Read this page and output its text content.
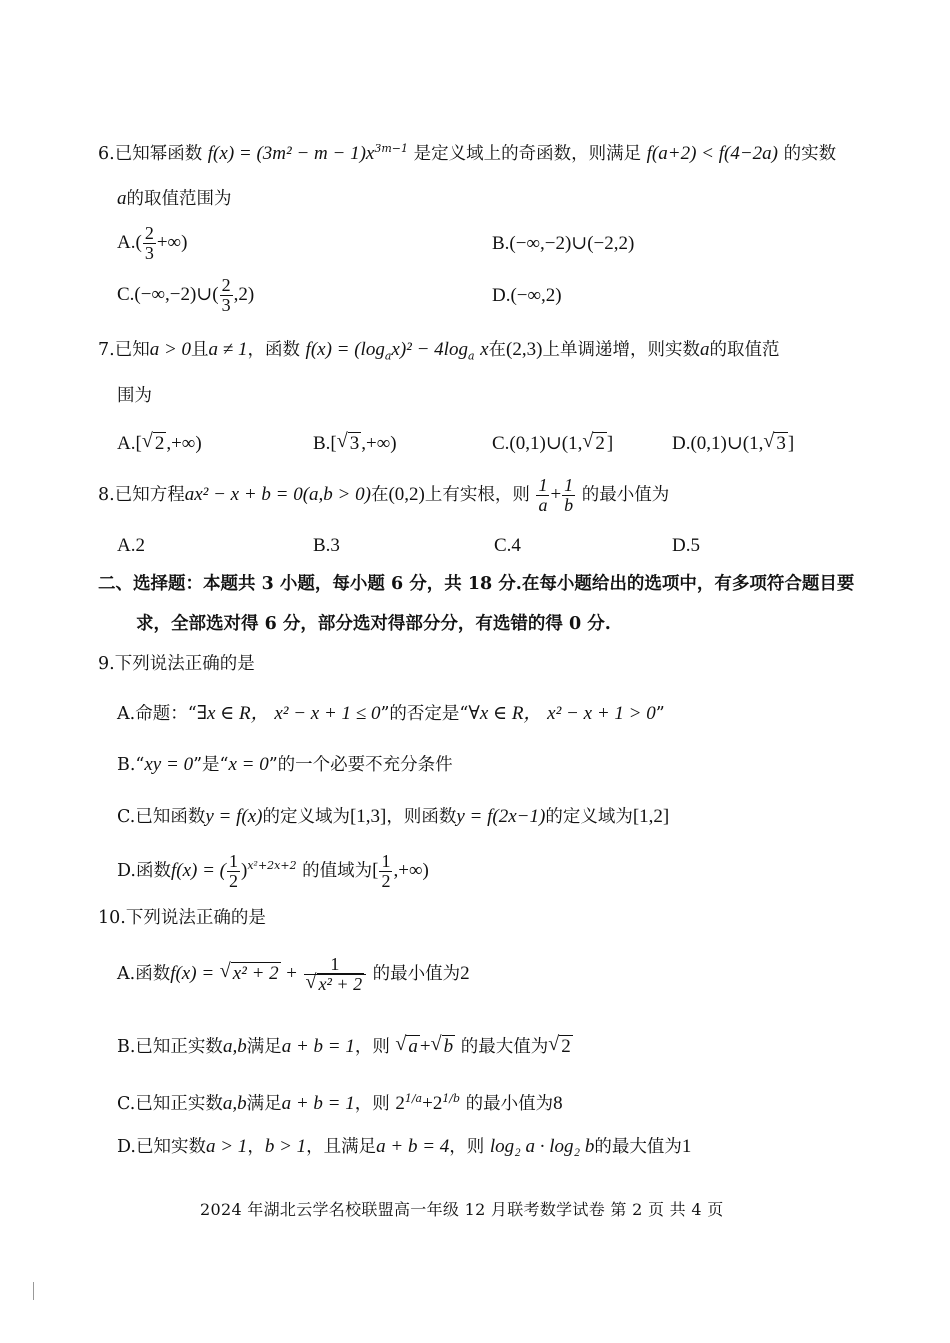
6.已知幂函数 $f(x) = (3m^2 - m - 1)x^{3m-1}$ 是定义域上的奇函数，则满足 f(a+2) < f(4−2a) 的实数
a的取值范围为
$A.( \frac{2}{3}$ +∞)	B.(−∞,−2)∪(−2,2)
C.(−∞,−2)∪( $\frac{2}{3} ,2$)	D.(−∞,2)
7.已知a > 0且a ≠ 1，函数 $f(x) = (\log_ax)^2 - 4\log_a$ x在(2,3)上单调递增，则实数a的取值范
围为
A.[ √ 2 ,+∞)	B.[ √ 3 ,+∞)	C.(0,1)∪(1, √ 2 ]	D.(0,1)∪(1, √ 3 ]
8.已知方程ax² − x + b = 0(a,b > 0)在(0,2)上有实根，则 $\frac{1}{a} + \frac{1}{b}$ 的最小值为
A.2	B.3	C.4	D.5
二、选择题：本题共 3 小题，每小题 6 分，共 18 分.在每小题给出的选项中，有多项符合题目要
求，全部选对得 6 分，部分选对得部分分，有选错的得 0 分.
9.下列说法正确的是
A.命题：“∃x ∈ R， x² − x + 1 ≤ 0”的否定是“∀x ∈ R， x² − x + 1 > 0”
B.“xy = 0”是“x = 0”的一个必要不充分条件
C.已知函数y = f(x)的定义域为[1,3]，则函数y = f(2x−1)的定义域为[1,2]
D.函数f(x) = ( $\frac{1}{2} )^{x^2+2x+2}$ 的值域为[ $\frac{1}{2}$ ,+∞)
10.下列说法正确的是
A.函数f(x) = √ x² + 2 + 1
√ x² + 2 的最小值为2
B.已知正实数a,b满足a + b = 1，则 √ a + √ b 的最大值为 √ 2
C.已知正实数a,b满足a + b = 1，则 $2^{1/a}+2^{1/b}$ 的最小值为8
D.已知实数a > 1，b > 1，且满足a + b = 4，则 log₂ a · log₂ b的最大值为1
2024 年湖北云学名校联盟高一年级 12 月联考数学试卷 第 2 页 共 4 页
